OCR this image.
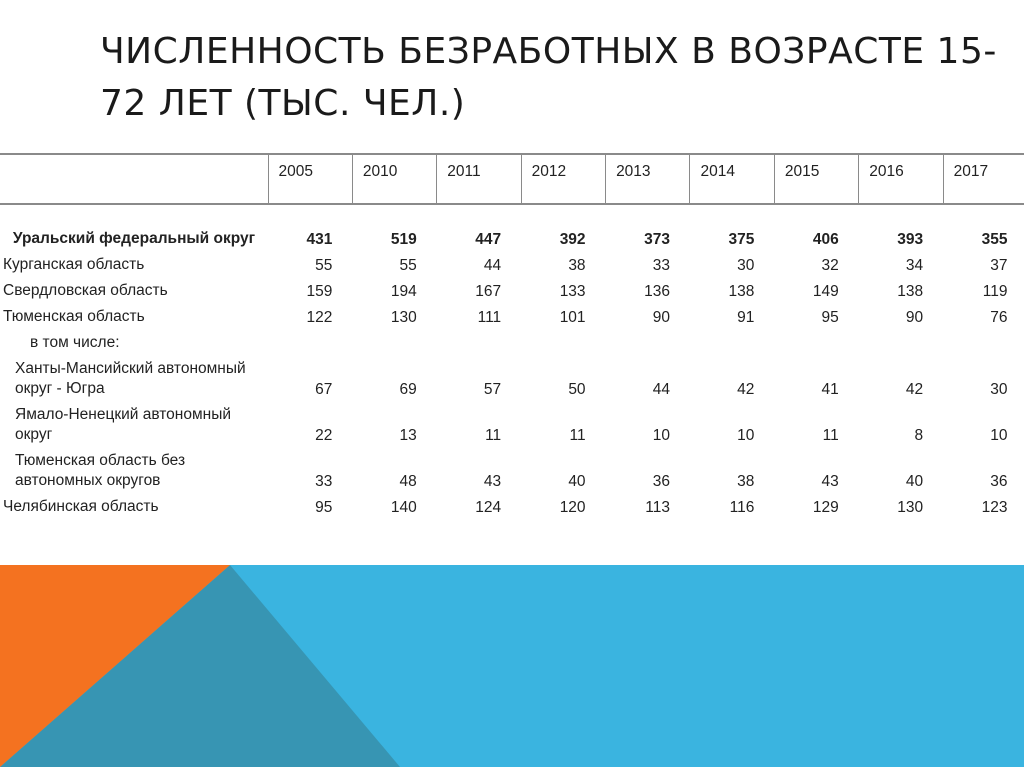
ЧИСЛЕННОСТЬ БЕЗРАБОТНЫХ В ВОЗРАСТЕ 15-72 ЛЕТ (ТЫС. ЧЕЛ.)
	2005	2010	2011	2012	2013	2014	2015	2016	2017
Уральский федеральный округ	431	519	447	392	373	375	406	393	355
Курганская область	55	55	44	38	33	30	32	34	37
Свердловская область	159	194	167	133	136	138	149	138	119
Тюменская область	122	130	111	101	90	91	95	90	76
в том числе:									
Ханты-Мансийский автономный округ - Югра	67	69	57	50	44	42	41	42	30
Ямало-Ненецкий автономный округ	22	13	11	11	10	10	11	8	10
Тюменская область без автономных округов	33	48	43	40	36	38	43	40	36
Челябинская область	95	140	124	120	113	116	129	130	123
